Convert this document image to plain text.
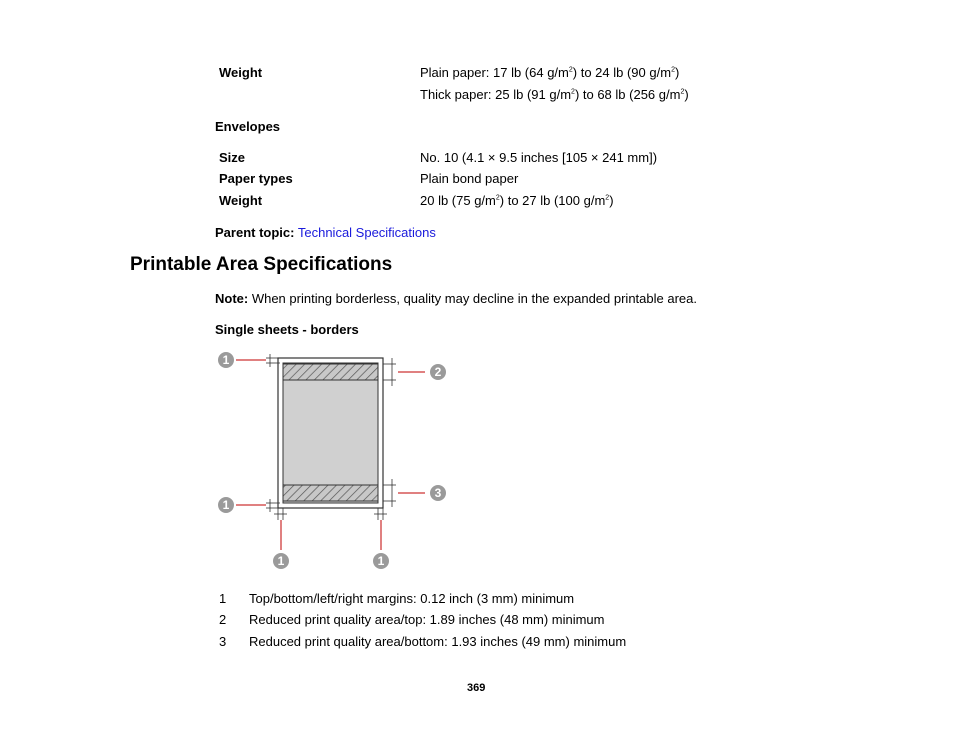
Weight	Plain paper: 17 lb (64 $g/m^2$) to 24 lb (90 $g/m^2$)
Thick paper: 25 lb (91 $g/m^2$) to 68 lb (256 $g/m^2$)
Envelopes
Size	No. 10 (4.1 × 9.5 inches [105 × 241 mm])
Paper types	Plain bond paper
Weight	20 lb (75 $g/m^2$) to 27 lb (100 $g/m^2$)
Parent topic: Technical Specifications
Printable Area Specifications
Note: When printing borderless, quality may decline in the expanded printable area.
Single sheets - borders
1
2
1
3
1	1
1 Top/bottom/left/right margins: 0.12 inch (3 mm) minimum
2 Reduced print quality area/top: 1.89 inches (48 mm) minimum
3 Reduced print quality area/bottom: 1.93 inches (49 mm) minimum
369
